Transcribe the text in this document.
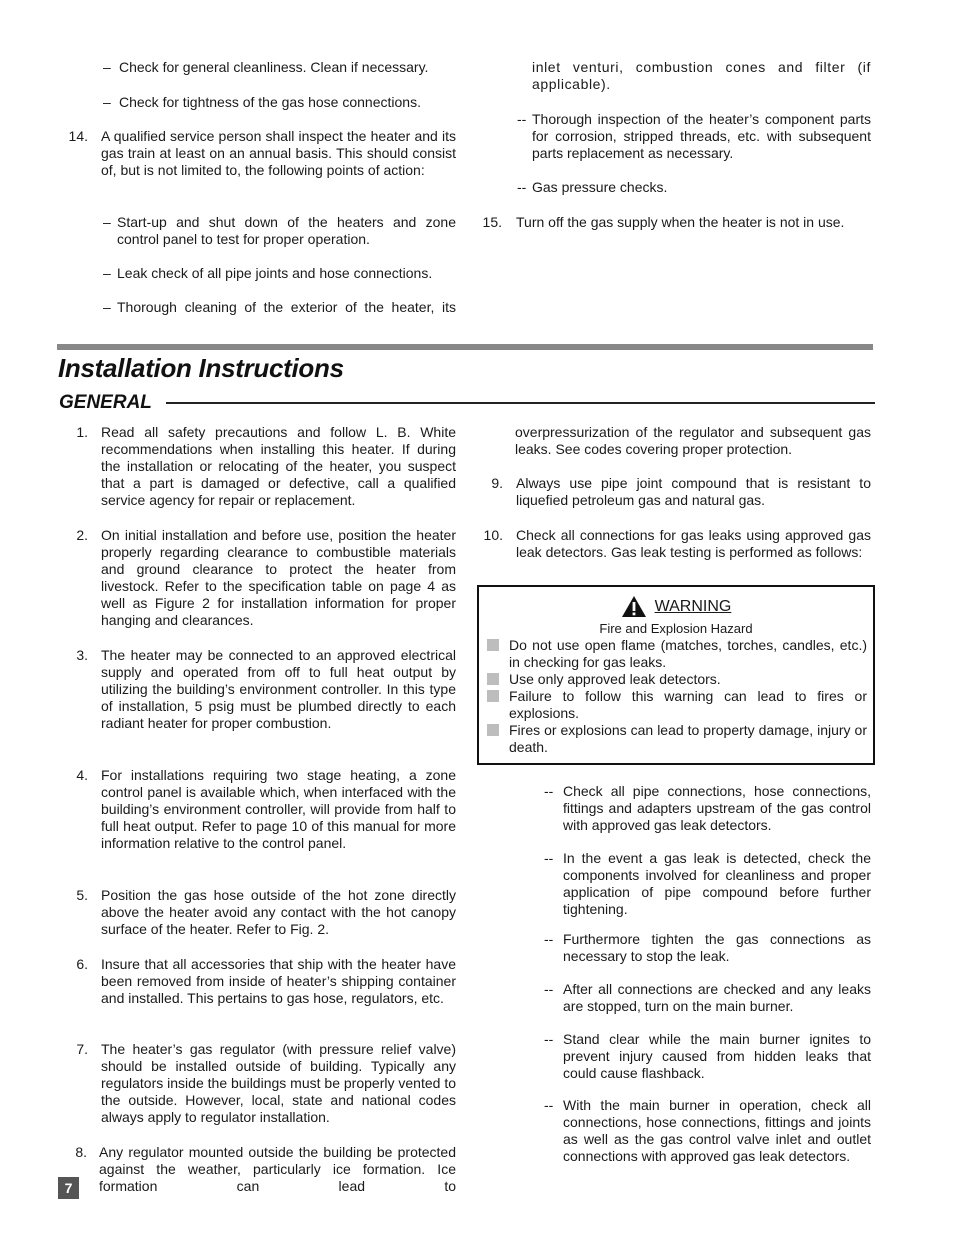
– Check for general cleanliness. Clean if necessary.
– Check for tightness of the gas hose connections.
14. A qualified service person shall inspect the heater and its gas train at least on an annual basis. This should consist of, but is not limited to, the following points of action:
– Start-up and shut down of the heaters and zone control panel to test for proper operation.
– Leak check of all pipe joints and hose connections.
– Thorough cleaning of the exterior of the heater, its
inlet venturi, combustion cones and filter (if applicable).
-- Thorough inspection of the heater’s component parts for corrosion, stripped threads, etc. with subsequent parts replacement as necessary.
-- Gas pressure checks.
15. Turn off the gas supply when the heater is not in use.
Installation Instructions
GENERAL
1. Read all safety precautions and follow L. B. White recommendations when installing this heater. If during the installation or relocating of the heater, you suspect that a part is damaged or defective, call a qualified service agency for repair or replacement.
2. On initial installation and before use, position the heater properly regarding clearance to combustible materials and ground clearance to protect the heater from livestock. Refer to the specification table on page 4 as well as Figure 2 for installation information for proper hanging and clearances.
3. The heater may be connected to an approved electrical supply and operated from off to full heat output by utilizing the building’s environment controller. In this type of installation, 5 psig must be plumbed directly to each radiant heater for proper combustion.
4. For installations requiring two stage heating, a zone control panel is available which, when interfaced with the building’s environment controller, will provide from half to full heat output. Refer to page 10 of this manual for more information relative to the control panel.
5. Position the gas hose outside of the hot zone directly above the heater avoid any contact with the hot canopy surface of the heater. Refer to Fig. 2.
6. Insure that all accessories that ship with the heater have been removed from inside of heater’s shipping container and installed. This pertains to gas hose, regulators, etc.
7. The heater’s gas regulator (with pressure relief valve) should be installed outside of building. Typically any regulators inside the buildings must be properly vented to the outside. However, local, state and national codes always apply to regulator installation.
8. Any regulator mounted outside the building be protected against the weather, particularly ice formation. Ice formation can lead to
overpressurization of the regulator and subsequent gas leaks. See codes covering proper protection.
9. Always use pipe joint compound that is resistant to liquefied petroleum gas and natural gas.
10. Check all connections for gas leaks using approved gas leak detectors. Gas leak testing is performed as follows:
WARNING
Fire and Explosion Hazard
Do not use open flame (matches, torches, candles, etc.) in checking for gas leaks.
Use only approved leak detectors.
Failure to follow this warning can lead to fires or explosions.
Fires or explosions can lead to property damage, injury or death.
-- Check all pipe connections, hose connections, fittings and adapters upstream of the gas control with approved gas leak detectors.
-- In the event a gas leak is detected, check the components involved for cleanliness and proper application of pipe compound before further tightening.
-- Furthermore tighten the gas connections as necessary to stop the leak.
-- After all connections are checked and any leaks are stopped, turn on the main burner.
-- Stand clear while the main burner ignites to prevent injury caused from hidden leaks that could cause flashback.
-- With the main burner in operation, check all connections, hose connections, fittings and joints as well as the gas control valve inlet and outlet connections with approved gas leak detectors.
7
